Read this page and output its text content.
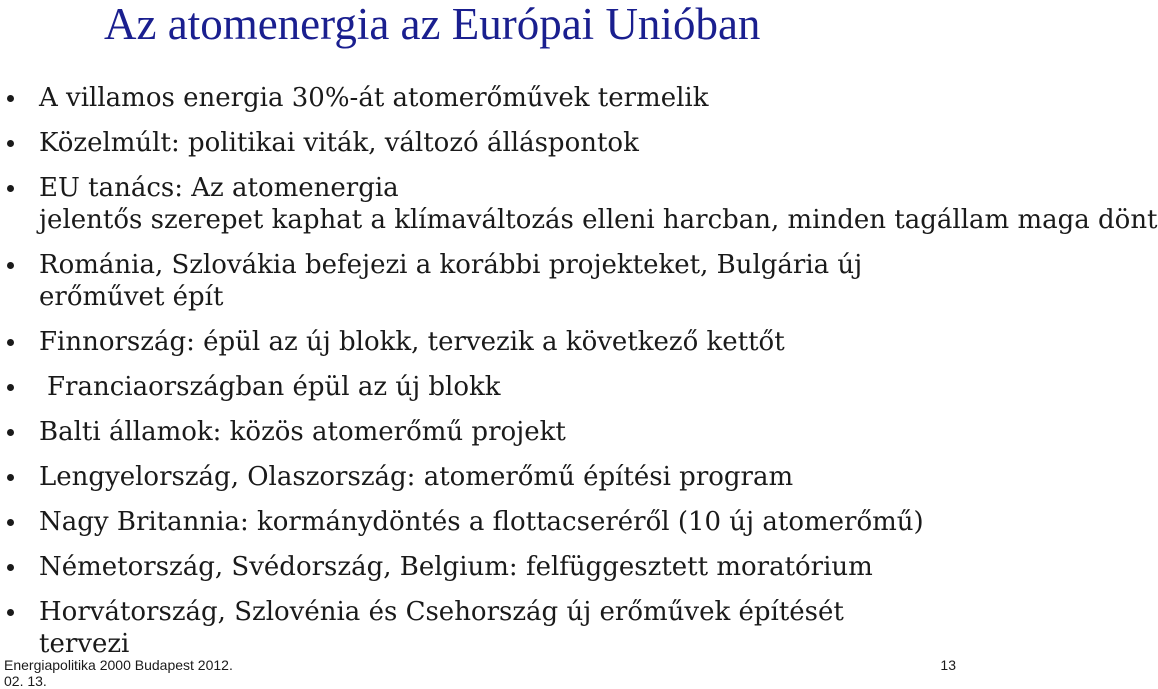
Az atomenergia az Európai Unióban
A villamos energia 30%-át atomerőművek termelik
Közelmúlt: politikai viták, változó álláspontok
EU tanács: Az atomenergia
jelentős szerepet kaphat a klímaváltozás elleni harcban, minden tagállam maga dönt
Románia, Szlovákia befejezi a korábbi projekteket, Bulgária új
erőművet épít
Finnország: épül az új blokk, tervezik a következő kettőt
Franciaországban épül az új blokk
Balti államok: közös atomerőmű projekt
Lengyelország, Olaszország: atomerőmű építési program
Nagy Britannia: kormánydöntés a flottacseréről (10 új atomerőmű)
Németország, Svédország, Belgium: felfüggesztett moratórium
Horvátország, Szlovénia és Csehország új erőművek építését
tervezi
Energiapolitika 2000 Budapest 2012. 02. 13.
13
